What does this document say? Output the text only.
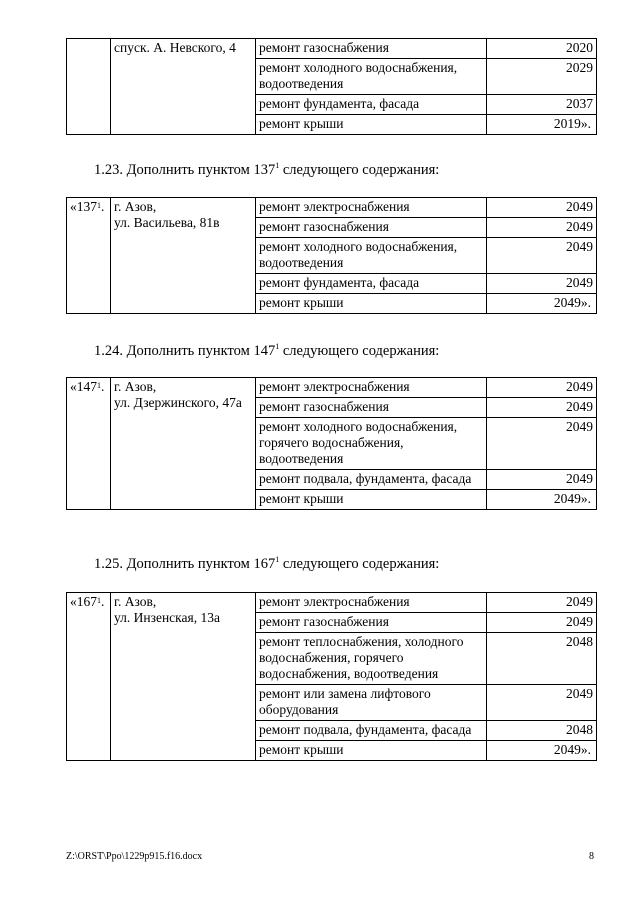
	спуск. А. Невского, 4	ремонт газоснабжения	2020
		ремонт холодного водоснабжения, водоотведения	2029
		ремонт фундамента, фасада	2037
		ремонт крыши	2019».
1.23. Дополнить пунктом $137^1$ следующего содержания:
«$137^1$.	г. Азов,
ул. Васильева, 81в	ремонт электроснабжения	2049
		ремонт газоснабжения	2049
		ремонт холодного водоснабжения, водоотведения	2049
		ремонт фундамента, фасада	2049
		ремонт крыши	2049».
1.24. Дополнить пунктом $147^1$ следующего содержания:
«$147^1$.	г. Азов,
ул. Дзержинского, 47а	ремонт электроснабжения	2049
		ремонт газоснабжения	2049
		ремонт холодного водоснабжения, горячего водоснабжения, водоотведения	2049
		ремонт подвала, фундамента, фасада	2049
		ремонт крыши	2049».
1.25. Дополнить пунктом $167^1$ следующего содержания:
«$167^1$.	г. Азов,
ул. Инзенская, 13а	ремонт электроснабжения	2049
		ремонт газоснабжения	2049
		ремонт теплоснабжения, холодного водоснабжения, горячего водоснабжения, водоотведения	2048
		ремонт или замена лифтового оборудования	2049
		ремонт подвала, фундамента, фасада	2048
		ремонт крыши	2049».
Z:\ORST\Ppo\1229p915.f16.docx	8
